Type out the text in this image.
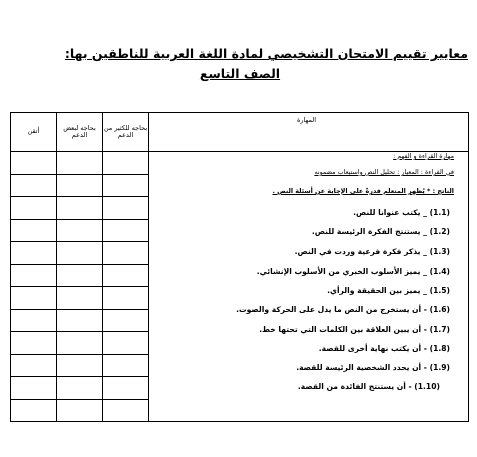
معايير تقييم الامتحان التشخيصي لمادة اللغة العربية للناطقين بها:
الصف التاسع
أتقن	بحاجه لبعض الدعم	بحاجه للكثير من الدعم	المهارة

مهارة القراءة و الفهم :
في القراءة : المعيار : تحليل النص واستيعاب مضمونه
الناتج : * يُظهر المتعلم قدرةً على الإجابة عن أسئلة النص .
(1.1) _ يكتب عنوانا للنص.
(1.2) _ يستنتج الفكرة الرئيسة للنص.
(1.3) _ يذكر فكرة فرعية وردت في النص.
(1.4) _ يميز الأسلوب الخبري من الأسلوب الإنشائي.
(1.5) _ يميز بين الحقيقة والرأي.
(1.6) - أن يستخرج من النص ما يدل على الحركة والصوت.
(1.7) - أن يبين العلاقة بين الكلمات التي تحتها خط.
(1.8) - أن يكتب نهاية أخرى للقصة.
(1.9) - أن يحدد الشخصية الرئيسة للقصة.
(1.10) - أن يستنتج الفائدة من القصة.
